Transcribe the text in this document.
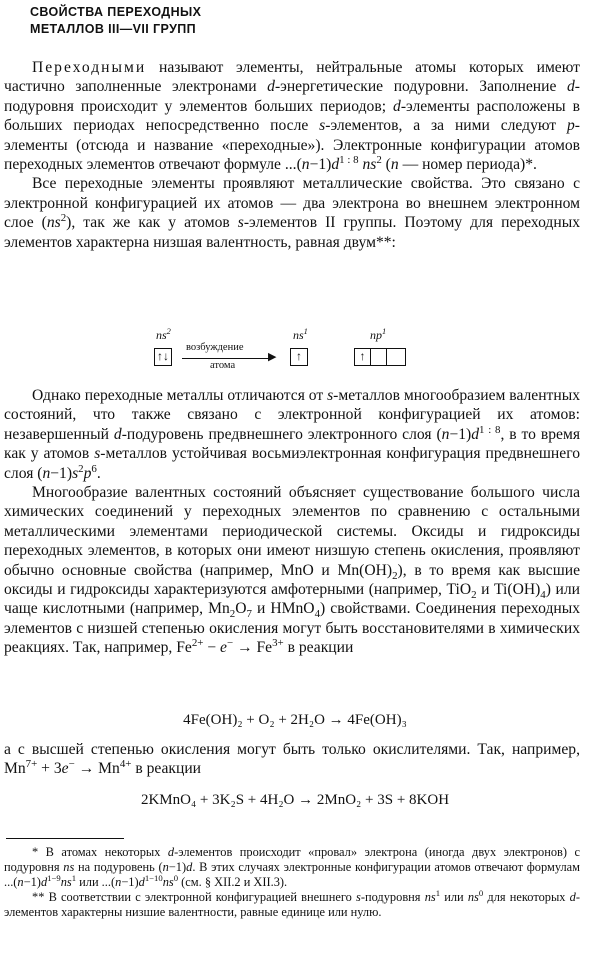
СВОЙСТВА ПЕРЕХОДНЫХ
МЕТАЛЛОВ III—VII ГРУПП

Переходными называют элементы, нейтральные атомы которых имеют частично заполненные электронами d-энергетические подуровни. Заполнение d-подуровня происходит у элементов больших периодов; d-элементы расположены в больших периодах непосредственно после s-элементов, а за ними следуют p-элементы (отсюда и название «переходные»). Электронные конфигурации атомов переходных элементов отвечают формуле $...(n-1)d^{1 : 8}$ $ns^2$ (n — номер периода)*.

Все переходные элементы проявляют металлические свойства. Это связано с электронной конфигурацией их атомов — два электрона во внешнем электронном слое $(ns^2)$, так же как у атомов s-элементов II группы. Поэтому для переходных элементов характерна низшая валентность, равная двум**:

$ns^2$
↑↓
возбуждение
▶
атома
$ns^1$
↑
$np^1$
↑

Однако переходные металлы отличаются от s-металлов многообразием валентных состояний, что также связано с электронной конфигурацией их атомов: незавершенный d-подуровень предвнешнего электронного слоя $(n-1)d^{1 : 8}$, в то время как у атомов s-металлов устойчивая восьмиэлектронная конфигурация предвнешнего слоя $(n-1)s^2p^6$.

Многообразие валентных состояний объясняет существование большого числа химических соединений у переходных элементов по сравнению с остальными металлическими элементами периодической системы. Оксиды и гидроксиды переходных элементов, в которых они имеют низшую степень окисления, проявляют обычно основные свойства (например, MnO и $Mn(OH)_2$), в то время как высшие оксиды и гидроксиды характеризуются амфотерными (например, TiO$_2$ и $Ti(OH)_4$) или чаще кислотными (например, $Mn_2O_7$ и HMnO$_4$) свойствами. Соединения переходных элементов с низшей степенью окисления могут быть восстановителями в химических реакциях. Так, например, $Fe^{2+} - e^- \to Fe^{3+}$ в реакции

4Fe(OH)₂ + O₂ + 2H₂O → 4Fe(OH)₃

а с высшей степенью окисления могут быть только окислителями. Так, например, $Mn^{7+} + 3e^- \to Mn^{4+}$ в реакции

2KMnO₄ + 3K₂S + 4H₂O → 2MnO₂ + 3S + 8KOH

* В атомах некоторых d-элементов происходит «провал» электрона (иногда двух электронов) с подуровня ns на подуровень (n−1)d. В этих случаях электронные конфигурации атомов отвечают формулам $...(n-1)d^{1-9}ns^1$ или $...(n-1)d^{1-10}ns^0$ (см. § XII.2 и XII.3).

** В соответствии с электронной конфигурацией внешнего s-подуровня $ns^1$ или $ns^0$ для некоторых d-элементов характерны низшие валентности, равные единице или нулю.
